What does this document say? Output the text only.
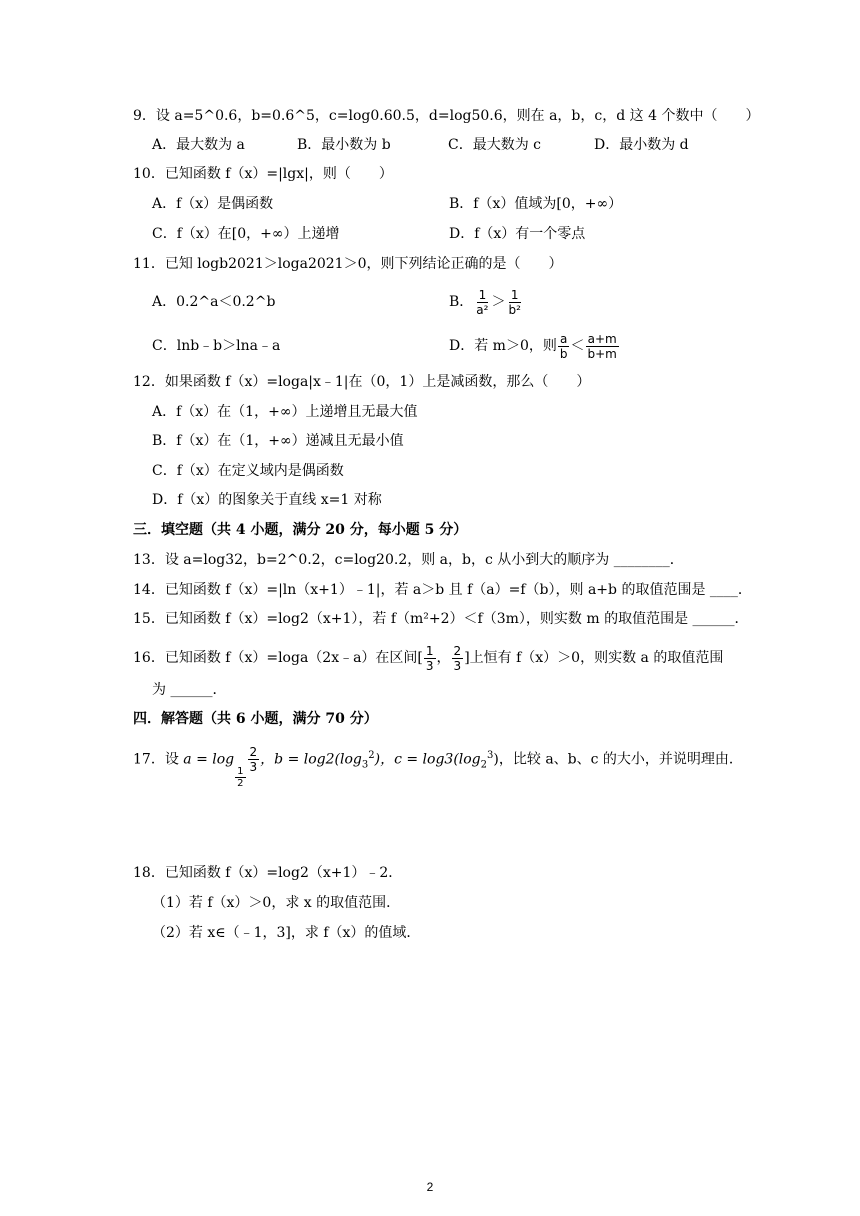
9．设 a=5^0.6，b=0.6^5，c=log0.60.5，d=log50.6，则在 a，b，c，d 这 4 个数中（　　）
A．最大数为 a	B．最小数为 b	C．最大数为 c	D．最小数为 d
10．已知函数 f（x）=|lgx|，则（　　）
A．f（x）是偶函数	B．f（x）值域为[0，+∞）
C．f（x）在[0，+∞）上递增	D．f（x）有一个零点
11．已知 logb2021＞loga2021＞0，则下列结论正确的是（　　）
A．0.2^a＜0.2^b	B． $\frac{1}{\text{a²}} > \frac{1}{\text{b²}}$
C．lnb﹣b＞lna﹣a	D．若 m＞0，则 $\frac{a}{b} < \frac{a+m}{b+m}$
12．如果函数 f（x）=loga|x﹣1|在（0，1）上是减函数，那么（　　）
A．f（x）在（1，+∞）上递增且无最大值
B．f（x）在（1，+∞）递减且无最小值
C．f（x）在定义域内是偶函数
D．f（x）的图象关于直线 x=1 对称
三．填空题（共 4 小题，满分 20 分，每小题 5 分）
13．设 a=log32，b=2^0.2，c=log20.2，则 a，b，c 从小到大的顺序为 ________．
14．已知函数 f（x）=|ln（x+1）﹣1|，若 a＞b 且 f（a）=f（b），则 a+b 的取值范围是 ____．
15．已知函数 f（x）=log2（x+1），若 f（m²+2）＜f（3m），则实数 m 的取值范围是 ______．
16．已知函数 f（x）=loga（2x﹣a）在区间[ $\frac{1}{3}$ ， $\frac{2}{3}$ ]上恒有 f（x）＞0，则实数 a 的取值范围
为 ______．
四．解答题（共 6 小题，满分 70 分）
17．设 a = log
$\frac{1}{2}$
$\frac{2}{3}$ ，$b = \log 2(\log_3^2)$，$c = \log 3(\log_2^3)$，比较 a、b、c 的大小，并说明理由．
18．已知函数 f（x）=log2（x+1）﹣2．
（1）若 f（x）＞0，求 x 的取值范围．
（2）若 x∈（﹣1，3]，求 f（x）的值域．
2
